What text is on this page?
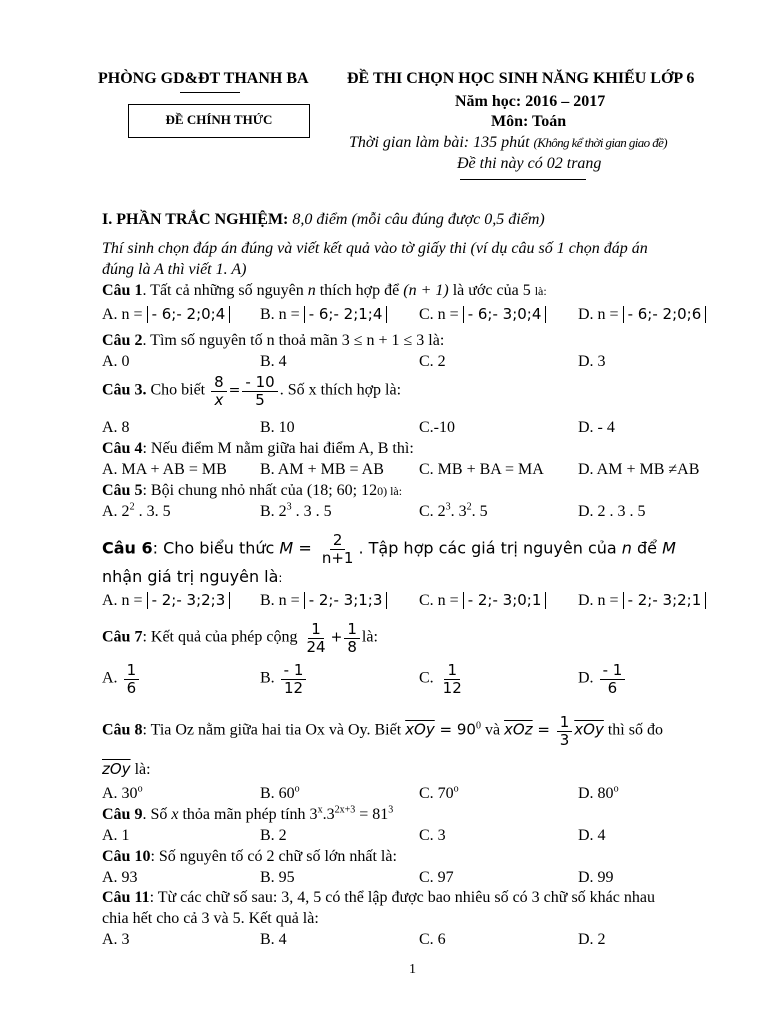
PHÒNG GD&ĐT THANH BA ĐỀ THI CHỌN HỌC SINH NĂNG KHIẾU LỚP 6
ĐỀ CHÍNH THỨC
Năm học: 2016 – 2017
Môn: Toán
Thời gian làm bài: 135 phút (Không kể thời gian giao đề)
Đề thi này có 02 trang
I. PHẦN TRẮC NGHIỆM: 8,0 điểm (mỗi câu đúng được 0,5 điểm)
Thí sinh chọn đáp án đúng và viết kết quả vào tờ giấy thi (ví dụ câu số 1 chọn đáp án
đúng là A thì viết 1. A)
Câu 1. Tất cả những số nguyên n thích hợp để (n + 1) là ước của 5 là:
A. n = - 6;- 2;0;4	B. n = - 6;- 2;1;4	C. n = - 6;- 3;0;4	D. n = - 6;- 2;0;6
Câu 2. Tìm số nguyên tố n thoả mãn 3 ≤ n + 1 ≤ 3 là:
A. 0	B. 4	C. 2	D. 3
Câu 3. Cho biết $\frac{8}{x} = \frac{- 10}{5}$ . Số x thích hợp là:
A. 8	B. 10	C.-10	D. - 4
Câu 4: Nếu điểm M nằm giữa hai điểm A, B thì:
A. MA + AB = MB B. AM + MB = AB C. MB + BA = MA D. AM + MB ≠AB
Câu 5: Bội chung nhỏ nhất của (18; 60; 120) là:
A. $2^2$ . 3. 5	B. $2^3$ . 3 . 5	C. $2^3$. $3^2$. 5	D. 2 . 3 . 5
Câu 6: Cho biểu thức $M = \frac{2}{n+1}$ . Tập hợp các giá trị nguyên của n để M
nhận giá trị nguyên là:
A. n = - 2;- 3;2;3	B. n = - 2;- 3;1;3	C. n = - 2;- 3;0;1	D. n = - 2;- 3;2;1
Câu 7: Kết quả của phép cộng $\frac{1}{24} + \frac{1}{8}$ là:
A. $\frac{1}{6}$	B. $\frac{- 1}{12}$	C. $\frac{1}{12}$	D. $\frac{- 1}{6}$
Câu 8: Tia Oz nằm giữa hai tia Ox và Oy. Biết $\overline{xOy} = 90^0$ và $\overline{xOz} = \frac{1}{3} \overline{xOy}$ thì số đo
$\overline{zOy}$ là:
A. 30$^o$	B. 60$^o$	C. 70$^o$	D. 80$^o$
Câu 9. Số x thỏa mãn phép tính $3^x.3^{2x+3} = 81^3$
A. 1	B. 2	C. 3	D. 4
Câu 10: Số nguyên tố có 2 chữ số lớn nhất là:
A. 93	B. 95	C. 97	D. 99
Câu 11: Từ các chữ số sau: 3, 4, 5 có thể lập được bao nhiêu số có 3 chữ số khác nhau
chia hết cho cả 3 và 5. Kết quả là:
A. 3	B. 4	C. 6	D. 2
1
